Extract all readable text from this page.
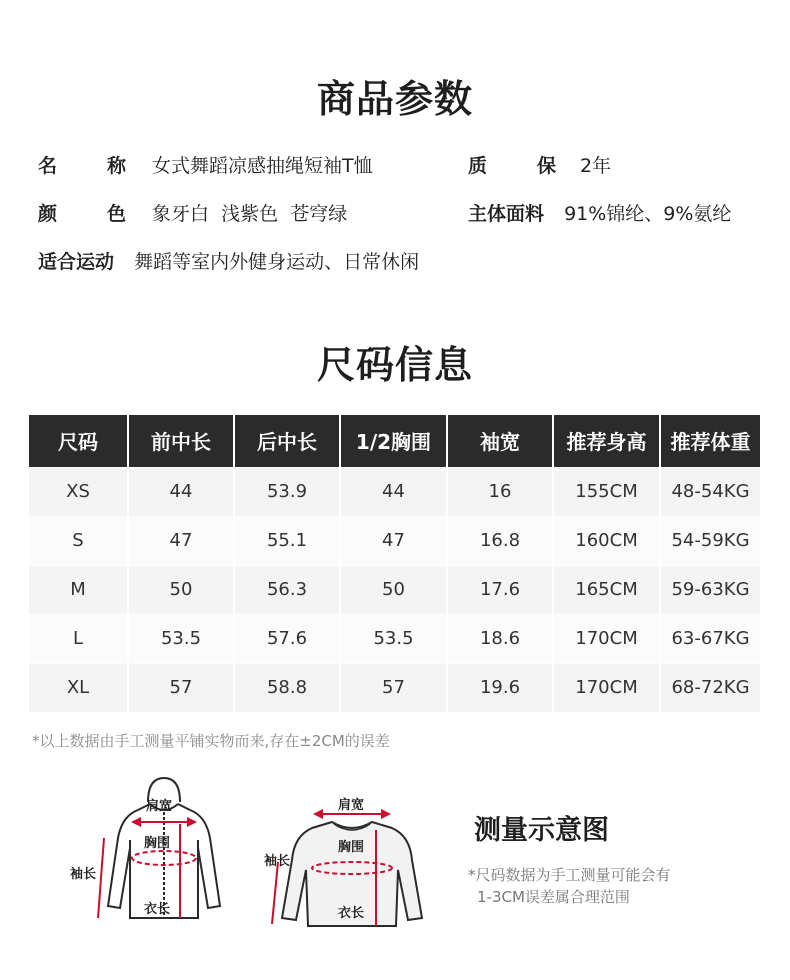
商品参数
名	称 女式舞蹈凉感抽绳短袖T恤	质	保 2年
颜	色 象牙白  浅紫色  苍穹绿	主体面料 91%锦纶、9%氨纶
适合运动 舞蹈等室内外健身运动、日常休闲
尺码信息
尺码	前中长	后中长	1/2胸围	袖宽	推荐身高	推荐体重
XS	44	53.9	44	16	155CM	48-54KG
S	47	55.1	47	16.8	160CM	54-59KG
M	50	56.3	50	17.6	165CM	59-63KG
L	53.5	57.6	53.5	18.6	170CM	63-67KG
XL	57	58.8	57	19.6	170CM	68-72KG
*以上数据由手工测量平铺实物而来,存在±2CM的误差
肩宽
胸围
袖长
衣长
肩宽
胸围
袖长
衣长
测量示意图
*尺码数据为手工测量可能会有
1-3CM误差属合理范围
